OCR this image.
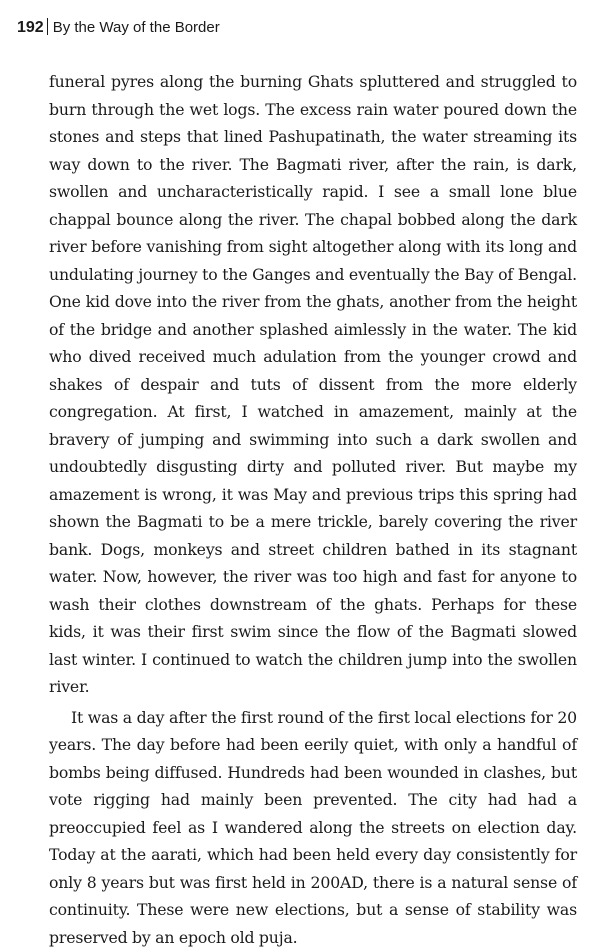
192 By the Way of the Border

funeral pyres along the burning Ghats spluttered and struggled to burn through the wet logs. The excess rain water poured down the stones and steps that lined Pashupatinath, the water streaming its way down to the river. The Bagmati river, after the rain, is dark, swollen and uncharacteristically rapid. I see a small lone blue chappal bounce along the river. The chapal bobbed along the dark river before vanishing from sight altogether along with its long and undulating journey to the Ganges and eventually the Bay of Bengal. One kid dove into the river from the ghats, another from the height of the bridge and another splashed aimlessly in the water. The kid who dived received much adulation from the younger crowd and shakes of despair and tuts of dissent from the more elderly congregation. At first, I watched in amazement, mainly at the bravery of jumping and swimming into such a dark swollen and undoubtedly disgusting dirty and polluted river. But maybe my amazement is wrong, it was May and previous trips this spring had shown the Bagmati to be a mere trickle, barely covering the river bank. Dogs, monkeys and street children bathed in its stagnant water. Now, however, the river was too high and fast for anyone to wash their clothes downstream of the ghats. Perhaps for these kids, it was their first swim since the flow of the Bagmati slowed last winter. I continued to watch the children jump into the swollen river.

It was a day after the first round of the first local elections for 20 years. The day before had been eerily quiet, with only a handful of bombs being diffused. Hundreds had been wounded in clashes, but vote rigging had mainly been prevented. The city had had a preoccupied feel as I wandered along the streets on election day. Today at the aarati, which had been held every day consistently for only 8 years but was first held in 200AD, there is a natural sense of continuity. These were new elections, but a sense of stability was preserved by an epoch old puja.
